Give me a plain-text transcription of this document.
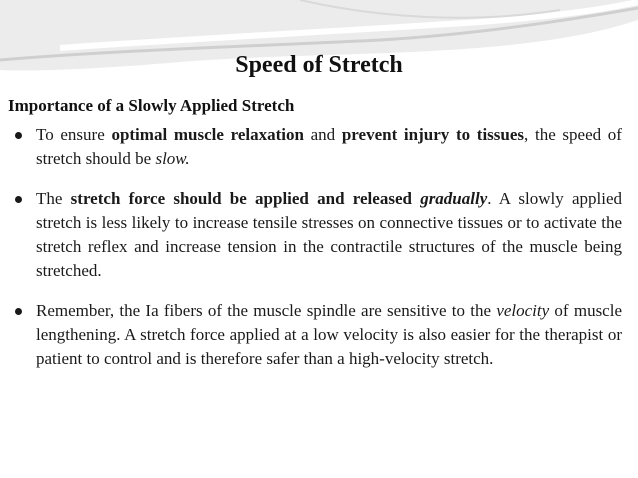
Speed of Stretch
Importance of a Slowly Applied Stretch
To ensure optimal muscle relaxation and prevent injury to tissues, the speed of stretch should be slow.
The stretch force should be applied and released gradually. A slowly applied stretch is less likely to increase tensile stresses on connective tissues or to activate the stretch reflex and increase tension in the contractile structures of the muscle being stretched.
Remember, the Ia fibers of the muscle spindle are sensitive to the velocity of muscle lengthening. A stretch force applied at a low velocity is also easier for the therapist or patient to control and is therefore safer than a high-velocity stretch.
